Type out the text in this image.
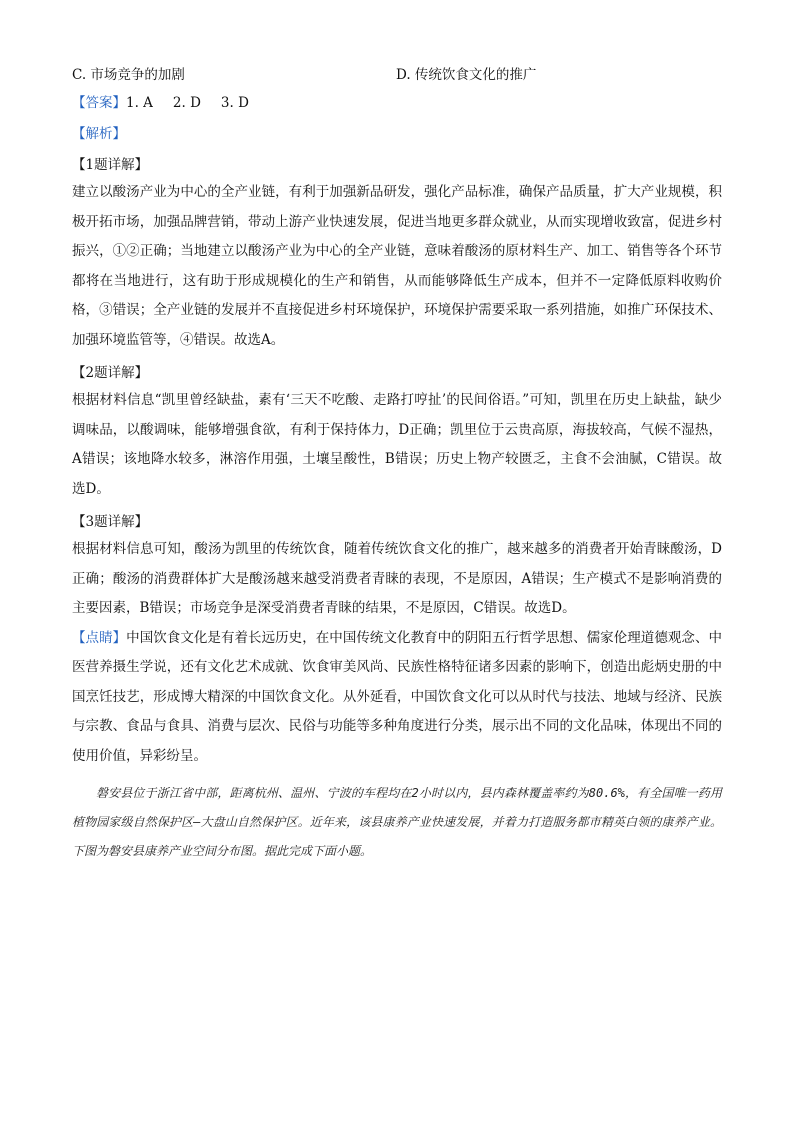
C. 市场竞争的加剧	D. 传统饮食文化的推广
【答案】1. A 2. D 3. D
【解析】
【1题详解】
建立以酸汤产业为中心的全产业链，有利于加强新品研发，强化产品标准，确保产品质量，扩大产业规模，积极开拓市场，加强品牌营销，带动上游产业快速发展，促进当地更多群众就业，从而实现增收致富，促进乡村振兴，①②正确；当地建立以酸汤产业为中心的全产业链，意味着酸汤的原材料生产、加工、销售等各个环节都将在当地进行，这有助于形成规模化的生产和销售，从而能够降低生产成本，但并不一定降低原料收购价格，③错误；全产业链的发展并不直接促进乡村环境保护，环境保护需要采取一系列措施，如推广环保技术、加强环境监管等，④错误。故选A。
【2题详解】
根据材料信息“凯里曾经缺盐，素有‘三天不吃酸、走路打哼扯’的民间俗语。”可知，凯里在历史上缺盐，缺少调味品，以酸调味，能够增强食欲，有利于保持体力，D正确；凯里位于云贵高原，海拔较高，气候不湿热，A错误；该地降水较多，淋溶作用强，土壤呈酸性，B错误；历史上物产较匮乏，主食不会油腻，C错误。故选D。
【3题详解】
根据材料信息可知，酸汤为凯里的传统饮食，随着传统饮食文化的推广，越来越多的消费者开始青睐酸汤，D正确；酸汤的消费群体扩大是酸汤越来越受消费者青睐的表现，不是原因，A错误；生产模式不是影响消费的主要因素，B错误；市场竞争是深受消费者青睐的结果，不是原因，C错误。故选D。
【点睛】中国饮食文化是有着长远历史，在中国传统文化教育中的阴阳五行哲学思想、儒家伦理道德观念、中医营养摄生学说，还有文化艺术成就、饮食审美风尚、民族性格特征诸多因素的影响下，创造出彪炳史册的中国烹饪技艺，形成博大精深的中国饮食文化。从外延看，中国饮食文化可以从时代与技法、地域与经济、民族与宗教、食品与食具、消费与层次、民俗与功能等多种角度进行分类，展示出不同的文化品味，体现出不同的使用价值，异彩纷呈。
磐安县位于浙江省中部，距离杭州、温州、宁波的车程均在2小时以内，县内森林覆盖率约为80.6%，有全国唯一药用植物园家级自然保护区—大盘山自然保护区。近年来，该县康养产业快速发展，并着力打造服务都市精英白领的康养产业。下图为磐安县康养产业空间分布图。据此完成下面小题。
